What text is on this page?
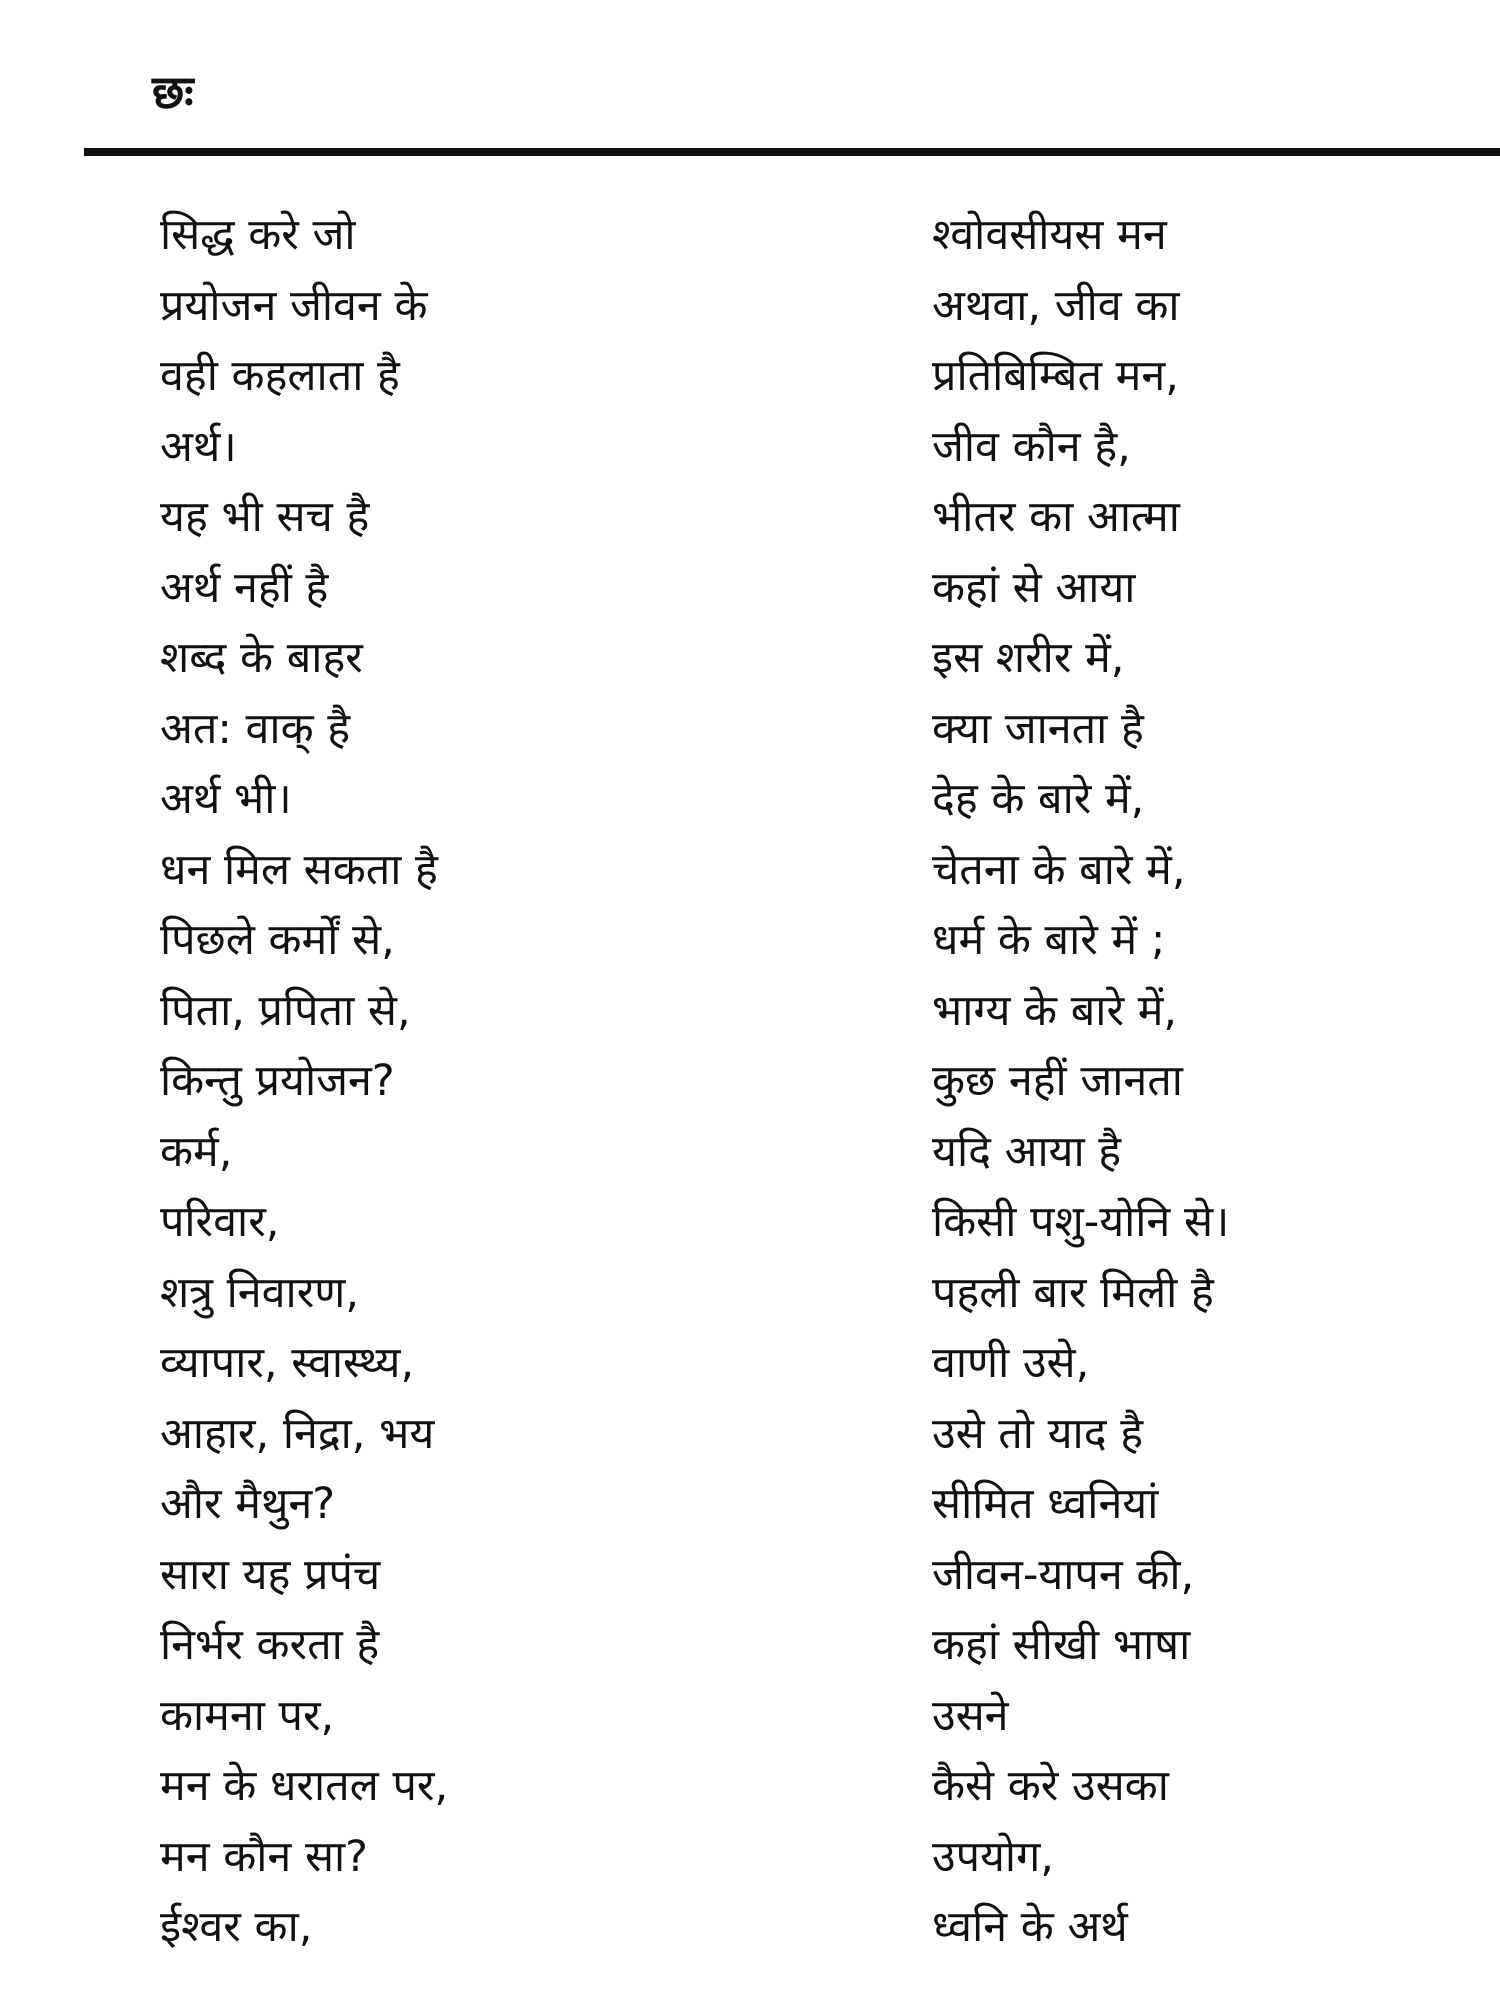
छः
सिद्ध करे जो
प्रयोजन जीवन के
वही कहलाता है
अर्थ।
यह भी सच है
अर्थ नहीं है
शब्द के बाहर
अत: वाक् है
अर्थ भी।
धन मिल सकता है
पिछले कर्मों से,
पिता, प्रपिता से,
किन्तु प्रयोजन?
कर्म,
परिवार,
शत्रु निवारण,
व्यापार, स्वास्थ्य,
आहार, निद्रा, भय
और मैथुन?
सारा यह प्रपंच
निर्भर करता है
कामना पर,
मन के धरातल पर,
मन कौन सा?
ईश्वर का,
श्वोवसीयस मन
अथवा, जीव का
प्रतिबिम्बित मन,
जीव कौन है,
भीतर का आत्मा
कहां से आया
इस शरीर में,
क्या जानता है
देह के बारे में,
चेतना के बारे में,
धर्म के बारे में ;
भाग्य के बारे में,
कुछ नहीं जानता
यदि आया है
किसी पशु-योनि से।
पहली बार मिली है
वाणी उसे,
उसे तो याद है
सीमित ध्वनियां
जीवन-यापन की,
कहां सीखी भाषा
उसने
कैसे करे उसका
उपयोग,
ध्वनि के अर्थ
